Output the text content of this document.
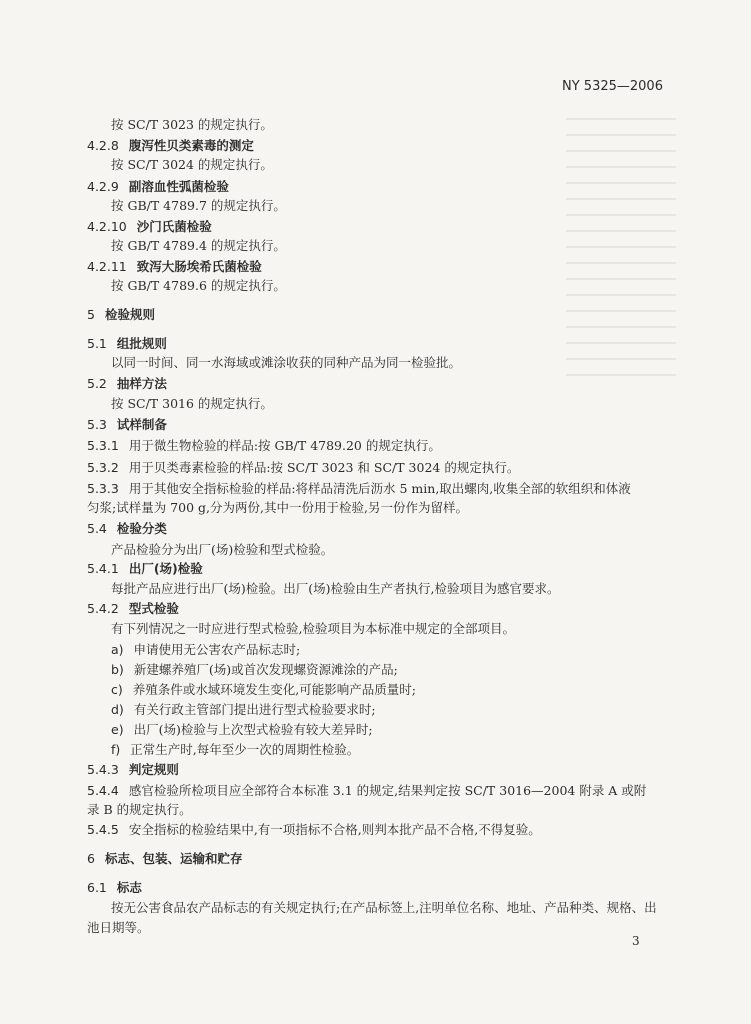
NY 5325—2006
按 SC/T 3023 的规定执行。
4.2.8 腹泻性贝类素毒的测定
按 SC/T 3024 的规定执行。
4.2.9 副溶血性弧菌检验
按 GB/T 4789.7 的规定执行。
4.2.10 沙门氏菌检验
按 GB/T 4789.4 的规定执行。
4.2.11 致泻大肠埃希氏菌检验
按 GB/T 4789.6 的规定执行。
5 检验规则
5.1 组批规则
以同一时间、同一水海域或滩涂收获的同种产品为同一检验批。
5.2 抽样方法
按 SC/T 3016 的规定执行。
5.3 试样制备
5.3.1 用于微生物检验的样品:按 GB/T 4789.20 的规定执行。
5.3.2 用于贝类毒素检验的样品:按 SC/T 3023 和 SC/T 3024 的规定执行。
5.3.3 用于其他安全指标检验的样品:将样品清洗后沥水 5 min,取出螺肉,收集全部的软组织和体液
匀浆;试样量为 700 g,分为两份,其中一份用于检验,另一份作为留样。
5.4 检验分类
产品检验分为出厂(场)检验和型式检验。
5.4.1 出厂(场)检验
每批产品应进行出厂(场)检验。出厂(场)检验由生产者执行,检验项目为感官要求。
5.4.2 型式检验
有下列情况之一时应进行型式检验,检验项目为本标准中规定的全部项目。
a) 申请使用无公害农产品标志时;
b) 新建螺养殖厂(场)或首次发现螺资源滩涂的产品;
c) 养殖条件或水域环境发生变化,可能影响产品质量时;
d) 有关行政主管部门提出进行型式检验要求时;
e) 出厂(场)检验与上次型式检验有较大差异时;
f) 正常生产时,每年至少一次的周期性检验。
5.4.3 判定规则
5.4.4 感官检验所检项目应全部符合本标准 3.1 的规定,结果判定按 SC/T 3016—2004 附录 A 或附
录 B 的规定执行。
5.4.5 安全指标的检验结果中,有一项指标不合格,则判本批产品不合格,不得复验。
6 标志、包装、运输和贮存
6.1 标志
按无公害食品农产品标志的有关规定执行;在产品标签上,注明单位名称、地址、产品种类、规格、出
池日期等。
3
